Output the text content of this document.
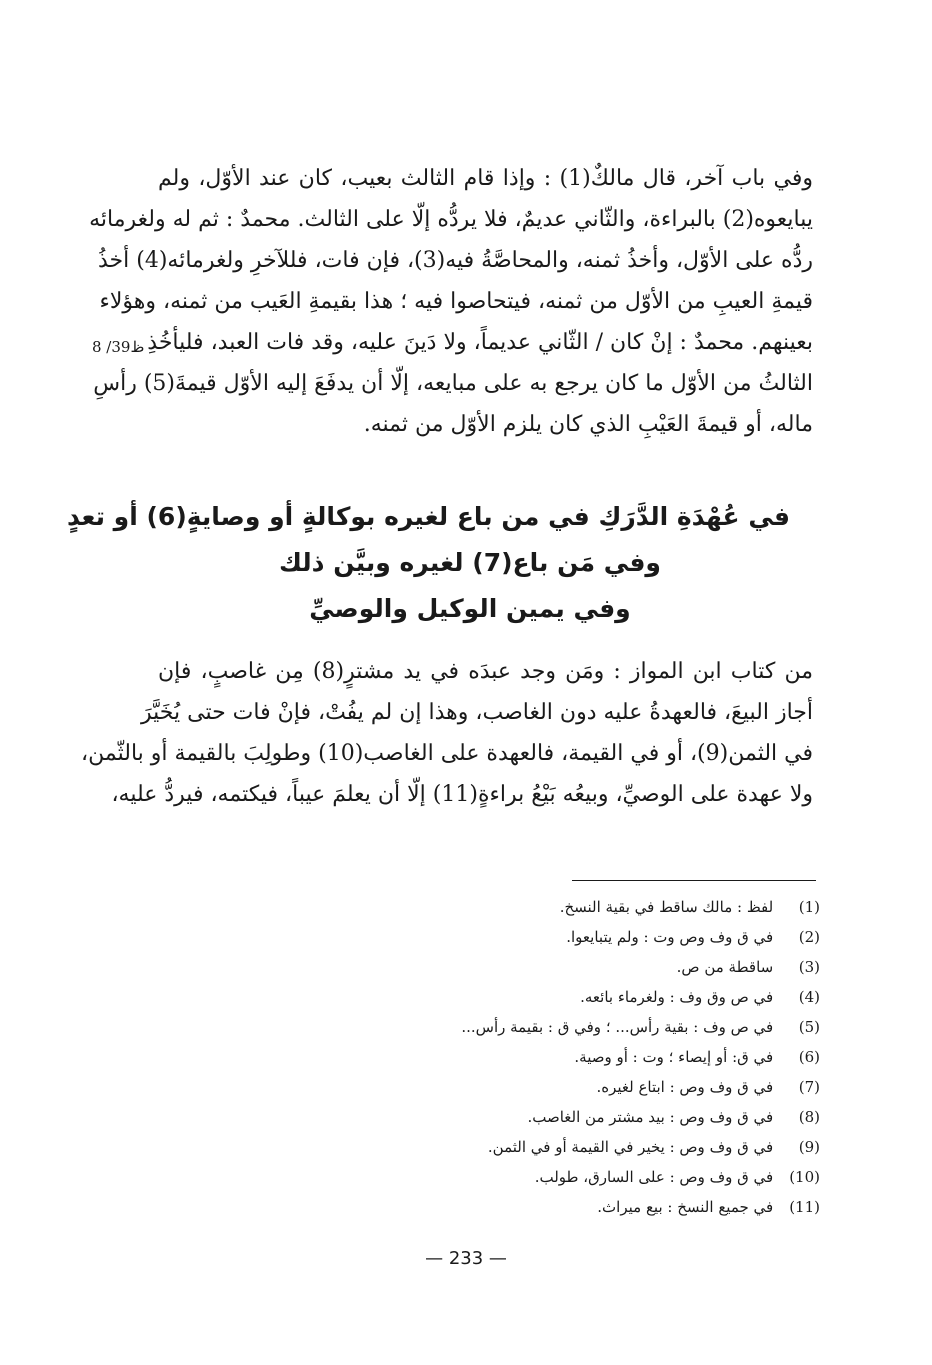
وفي باب آخر، قال مالكٌ(1) : وإذا قام الثالث بعيب، كان عند الأوّل، ولم
يبايعوه(2) بالبراءة، والثّاني عديمٌ، فلا يردُّه إلّا على الثالث. محمدٌ : ثم له ولغرمائه
ردُّه على الأوّل، وأخذُ ثمنه، والمحاصَّةُ فيه(3)، فإن فات، فللآخرِ ولغرمائه(4) أخذُ
قيمةِ العيبِ من الأوّل من ثمنه، فيتحاصوا فيه ؛ هذا بقيمةِ العَيب من ثمنه، وهؤلاء
بعينهم. محمدٌ : إنْ كان / الثّاني عديماً، ولا دَينَ عليه، وقد فات العبد، فليأخُذِ
الثالثُ من الأوّل ما كان يرجع به على مبايعه، إلّا أن يدفَعَ إليه الأوّل قيمةَ(5) رأسِ
ماله، أو قيمةَ العَيْبِ الذي كان يلزم الأوّل من ثمنه.
8 /39ظ
في عُهْدَةِ الدَّرَكِ في من باع لغيره بوكالةٍ أو وصايةٍ(6) أو تعدٍ
وفي مَن باع(7) لغيره وبيَّن ذلك
وفي يمين الوكيل والوصيِّ
من كتاب ابن المواز : ومَن وجد عبدَه في يد مشترٍ(8) مِن غاصبٍ، فإن
أجاز البيعَ، فالعهدةُ عليه دون الغاصب، وهذا إن لم يفُتْ، فإنْ فات حتى يُخَيَّرَ
في الثمن(9)، أو في القيمة، فالعهدة على الغاصب(10) وطولِبَ بالقيمة أو بالثّمن،
ولا عهدة على الوصيِّ، وبيعُه بَيْعُ براءةٍ(11) إلّا أن يعلمَ عيباً، فيكتمه، فيردُّ عليه،
(1) لفظ : مالك ساقط في بقية النسخ.
(2) في ق وف وص وت : ولم يتبايعوا.
(3) ساقطة من ص.
(4) في ص وق وف : ولغرماء بائعه.
(5) في ص وف : بقية رأس... ؛ وفي ق : بقيمة رأس...
(6) في ق: أو إيصاء ؛ وت : أو وصية.
(7) في ق وف وص : ابتاع لغيره.
(8) في ق وف وص : بيد مشتر من الغاصب.
(9) في ق وف وص : يخير في القيمة أو في الثمن.
(10) في ق وف وص : على السارق، طولب.
(11) في جميع النسخ : بيع ميراث.
— 233 —
